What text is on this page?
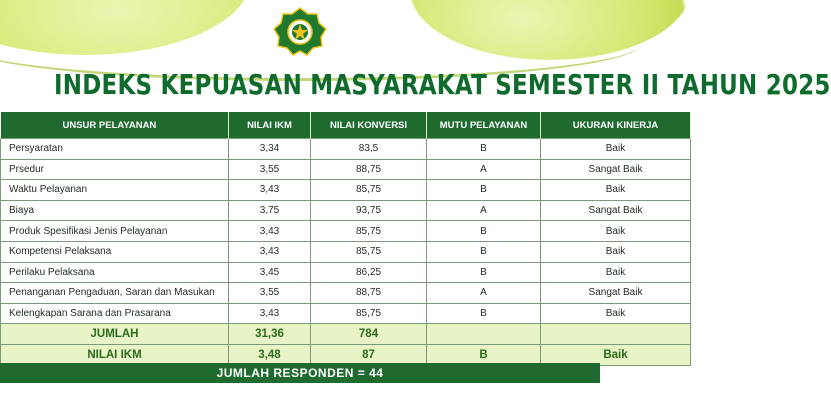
INDEKS KEPUASAN MASYARAKAT SEMESTER II TAHUN 2025
UNSUR PELAYANAN	NILAI IKM	NILAI KONVERSI	MUTU PELAYANAN	UKURAN KINERJA
Persyaratan	3,34	83,5	B	Baik
Prsedur	3,55	88,75	A	Sangat Baik
Waktu Pelayanan	3,43	85,75	B	Baik
Biaya	3,75	93,75	A	Sangat Baik
Produk Spesifikasi Jenis Pelayanan	3,43	85,75	B	Baik
Kompetensi Pelaksana	3,43	85,75	B	Baik
Perilaku Pelaksana	3,45	86,25	B	Baik
Penanganan Pengaduan, Saran dan Masukan	3,55	88,75	A	Sangat Baik
Kelengkapan Sarana dan Prasarana	3,43	85,75	B	Baik
JUMLAH	31,36	784		
NILAI IKM	3,48	87	B	Baik
JUMLAH RESPONDEN = 44
